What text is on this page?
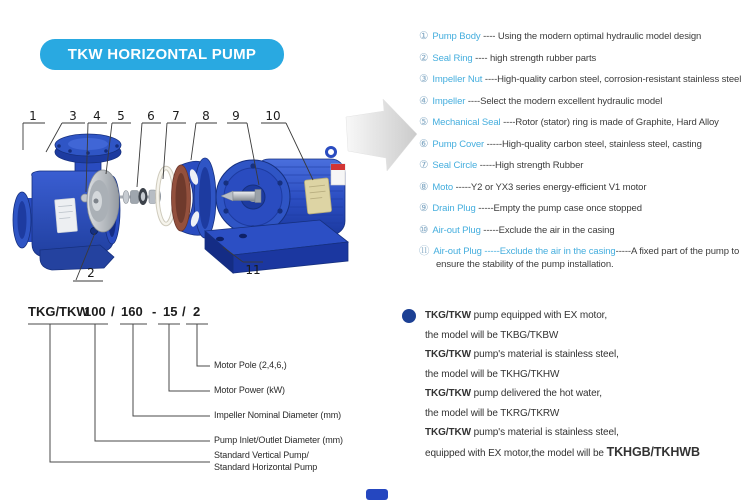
TKW HORIZONTAL PUMP
1	3 4 5 6 7 8 9 10
2	11
① Pump Body ---- Using the modern optimal hydraulic model design
② Seal Ring ---- high strength rubber parts
③ Impeller Nut ----High-quality carbon steel, corrosion-resistant stainless steel
④ Impeller ----Select the modern excellent hydraulic model
⑤ Mechanical Seal ----Rotor (stator) ring is made of Graphite, Hard Alloy
⑥ Pump Cover -----High-quality carbon steel, stainless steel, casting
⑦ Seal Circle -----High strength Rubber
⑧ Moto -----Y2 or YX3 series energy-efficient V1 motor
⑨ Drain Plug -----Empty the pump case once stopped
⑩ Air-out Plug -----Exclude the air in the casing
⑪ Air-out Plug -----Exclude the air in the casing-----A fixed part of the pump to ensure the stability of the pump installation.
TKG/TKW
100 / 160 - 15 / 2
Motor Pole (2,4,6,)
Motor Power (kW)
Impeller Nominal Diameter (mm)
Pump Inlet/Outlet Diameter (mm)
Standard Vertical Pump/
Standard Horizontal Pump
TKG/TKW pump equipped with EX motor,
the model will be TKBG/TKBW
TKG/TKW pump's material is stainless steel,
the model will be TKHG/TKHW
TKG/TKW pump delivered the hot water,
the model will be TKRG/TKRW
TKG/TKW pump's material is stainless steel,
equipped with EX motor,the model will be TKHGB/TKHWB
